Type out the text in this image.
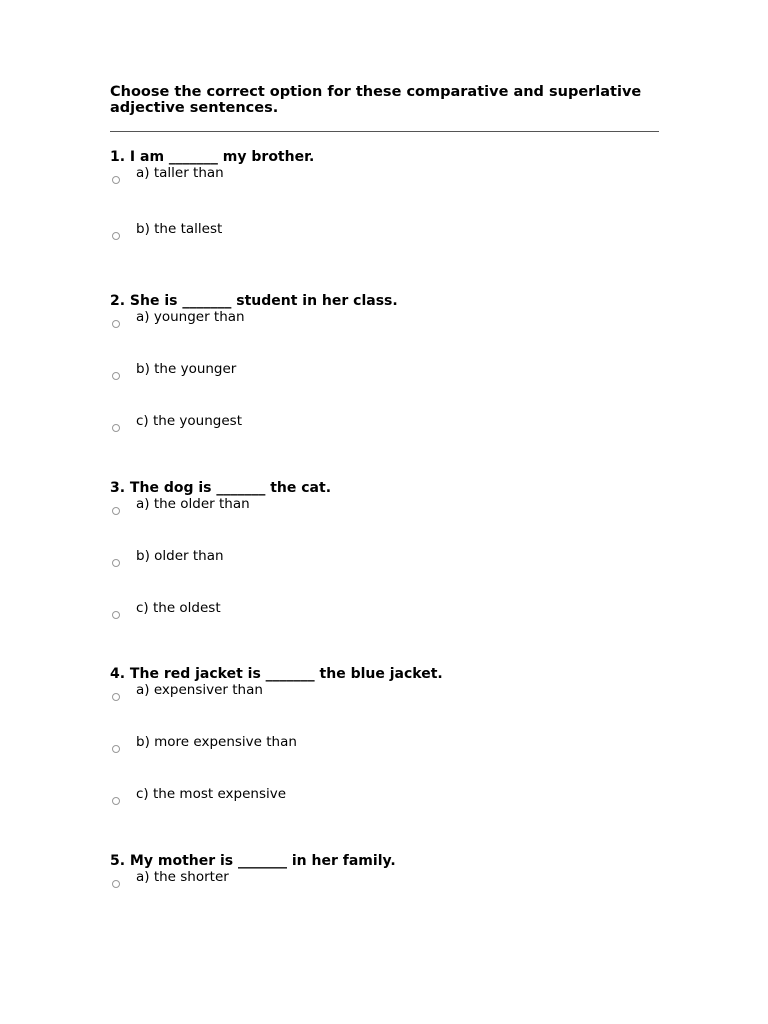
Choose the correct option for these comparative and superlative adjective sentences.

1. I am _______ my brother.

a) taller than
b) the tallest

2. She is _______ student in her class.

a) younger than
b) the younger
c) the youngest

3. The dog is _______ the cat.

a) the older than
b) older than
c) the oldest

4. The red jacket is _______ the blue jacket.

a) expensiver than
b) more expensive than
c) the most expensive

5. My mother is _______ in her family.

a) the shorter
